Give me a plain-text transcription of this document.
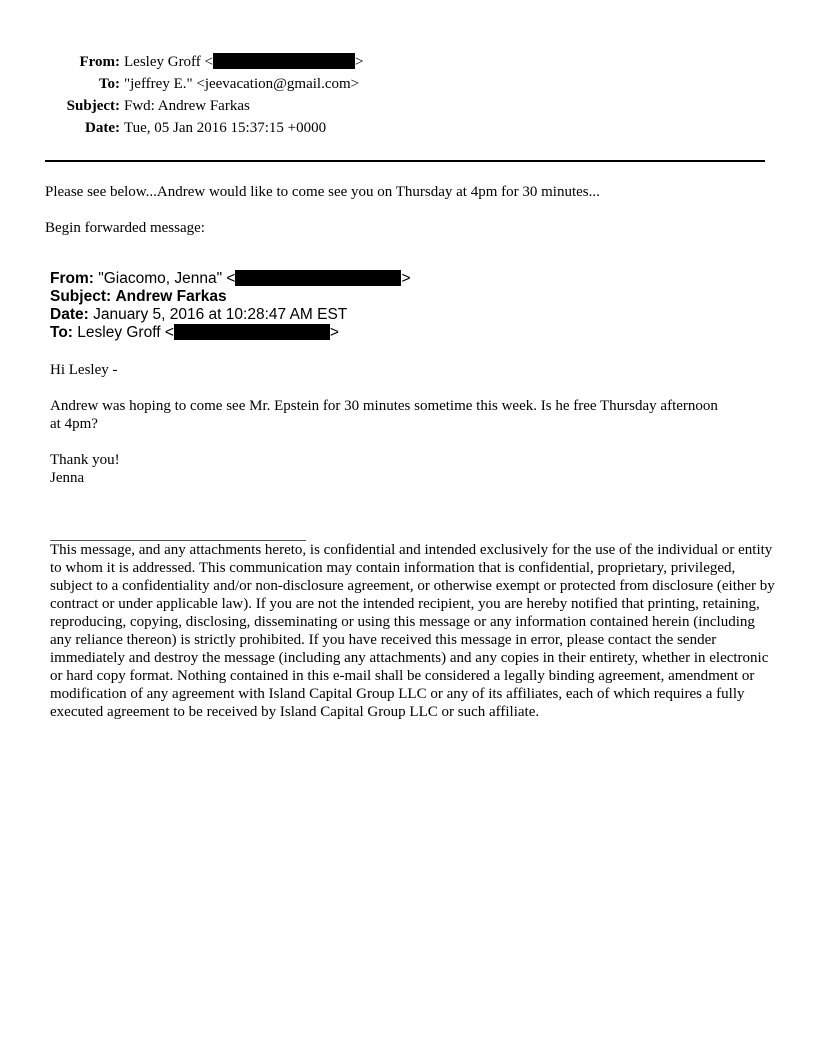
From: Lesley Groff <	>
To: "jeffrey E." <jeevacation@gmail.com>
Subject: Fwd: Andrew Farkas
Date: Tue, 05 Jan 2016 15:37:15 +0000
Please see below...Andrew would like to come see you on Thursday at 4pm for 30 minutes...
Begin forwarded message:
From: "Giacomo, Jenna" <	>
Subject: Andrew Farkas
Date: January 5, 2016 at 10:28:47 AM EST
To: Lesley Groff <	>
Hi Lesley -
Andrew was hoping to come see Mr. Epstein for 30 minutes sometime this week. Is he free Thursday afternoon at 4pm?
Thank you!
Jenna
This message, and any attachments hereto, is confidential and intended exclusively for the use of the individual or entity to whom it is addressed. This communication may contain information that is confidential, proprietary, privileged, subject to a confidentiality and/or non-disclosure agreement, or otherwise exempt or protected from disclosure (either by contract or under applicable law). If you are not the intended recipient, you are hereby notified that printing, retaining, reproducing, copying, disclosing, disseminating or using this message or any information contained herein (including any reliance thereon) is strictly prohibited. If you have received this message in error, please contact the sender immediately and destroy the message (including any attachments) and any copies in their entirety, whether in electronic or hard copy format. Nothing contained in this e-mail shall be considered a legally binding agreement, amendment or modification of any agreement with Island Capital Group LLC or any of its affiliates, each of which requires a fully executed agreement to be received by Island Capital Group LLC or such affiliate.
